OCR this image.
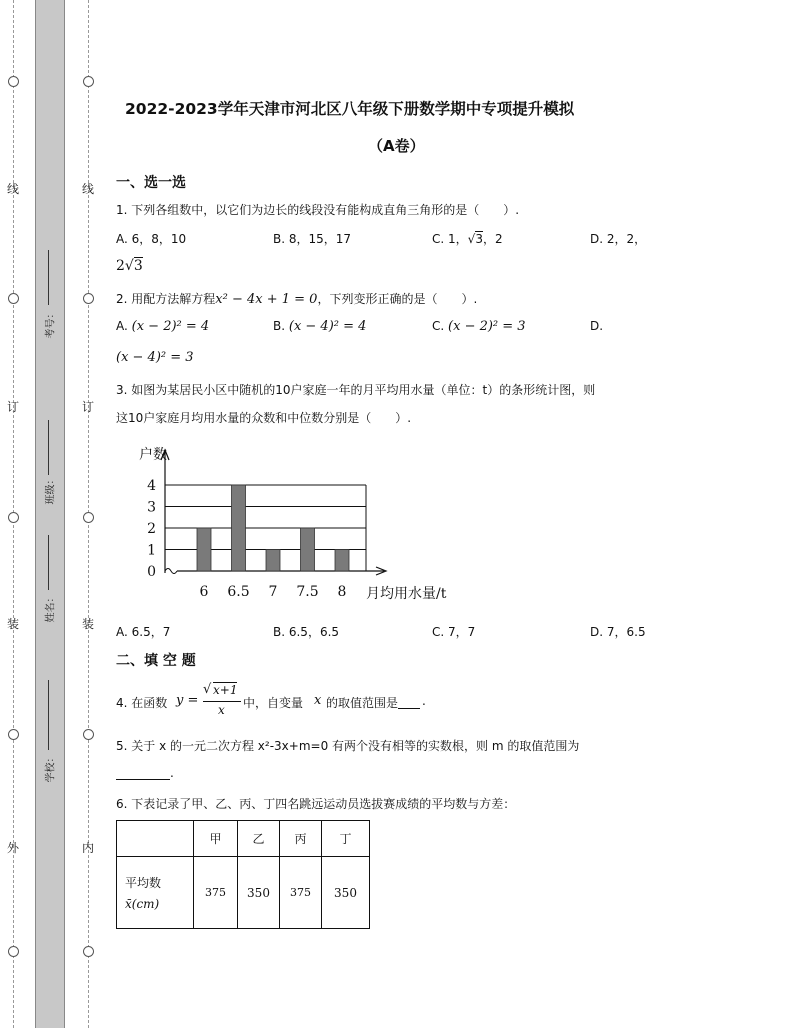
线
订
装
外
线
订
装
内
考号：
班级：
姓名：
学校：
2022-2023学年天津市河北区八年级下册数学期中专项提升模拟
（A卷）
一、选一选
1. 下列各组数中，以它们为边长的线段没有能构成直角三角形的是（　　）.
A. 6，8，10	B. 8，15，17	C. 1，√3，2	D. 2，2，
2√3
2. 用配方法解方程x² − 4x + 1 = 0，下列变形正确的是（　　）.
A. (x − 2)² = 4	B. (x − 4)² = 4	C. (x − 2)² = 3	D.
(x − 4)² = 3
3. 如图为某居民小区中随机的10户家庭一年的月平均用水量（单位：t）的条形统计图，则
这10户家庭月均用水量的众数和中位数分别是（　　）.
0
1
2
3
4
6 6.5 7 7.5 8
户数
月均用水量/t
A. 6.5，7	B. 6.5，6.5	C. 7，7	D. 7，6.5
二、填 空 题
4. 在函数 y =
√ x+1
x 中，自变量 x 的取值范围是 .
5. 关于 x 的一元二次方程 x²-3x+m=0 有两个没有相等的实数根，则 m 的取值范围为
.
6. 下表记录了甲、乙、丙、丁四名跳远运动员选拔赛成绩的平均数与方差：
	甲	乙	丙	丁

平均数
x̄(cm)	375	350	375	350
